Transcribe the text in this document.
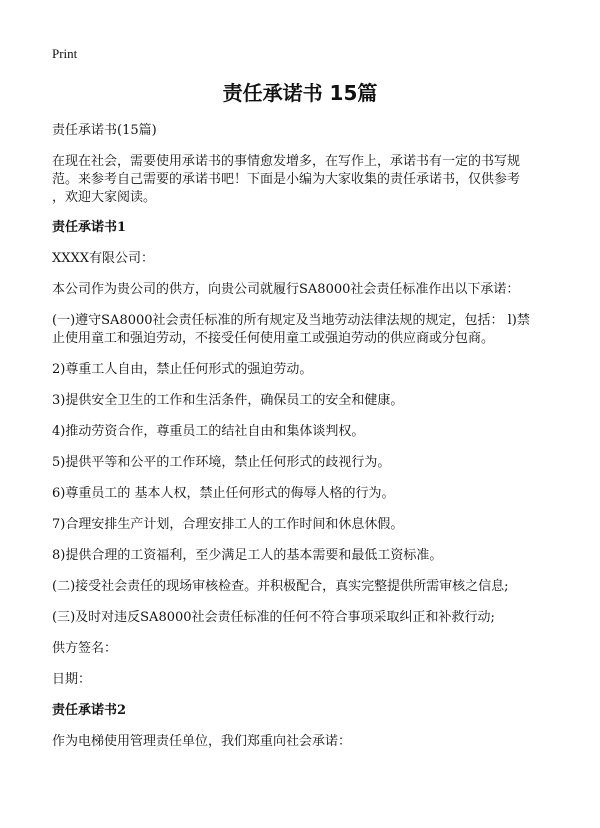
Print
责任承诺书 15篇

责任承诺书(15篇)

在现在社会，需要使用承诺书的事情愈发增多，在写作上，承诺书有一定的书写规

范。来参考自己需要的承诺书吧！下面是小编为大家收集的责任承诺书，仅供参考

，欢迎大家阅读。

责任承诺书1

XXXX有限公司：

本公司作为贵公司的供方，向贵公司就履行SA8000社会责任标准作出以下承诺：

(一)遵守SA8000社会责任标准的所有规定及当地劳动法律法规的规定，包括： l)禁

止使用童工和强迫劳动，不接受任何使用童工或强迫劳动的供应商或分包商。

2)尊重工人自由，禁止任何形式的强迫劳动。

3)提供安全卫生的工作和生活条件，确保员工的安全和健康。

4)推动劳资合作，尊重员工的结社自由和集体谈判权。

5)提供平等和公平的工作环境，禁止任何形式的歧视行为。

6)尊重员工的 基本人权，禁止任何形式的侮辱人格的行为。

7)合理安排生产计划，合理安排工人的工作时间和休息休假。

8)提供合理的工资福利，至少满足工人的基本需要和最低工资标准。

(二)接受社会责任的现场审核检查。并积极配合，真实完整提供所需审核之信息;

(三)及时对违反SA8000社会责任标准的任何不符合事项采取纠正和补救行动;

供方签名：

日期：

责任承诺书2

作为电梯使用管理责任单位，我们郑重向社会承诺：
